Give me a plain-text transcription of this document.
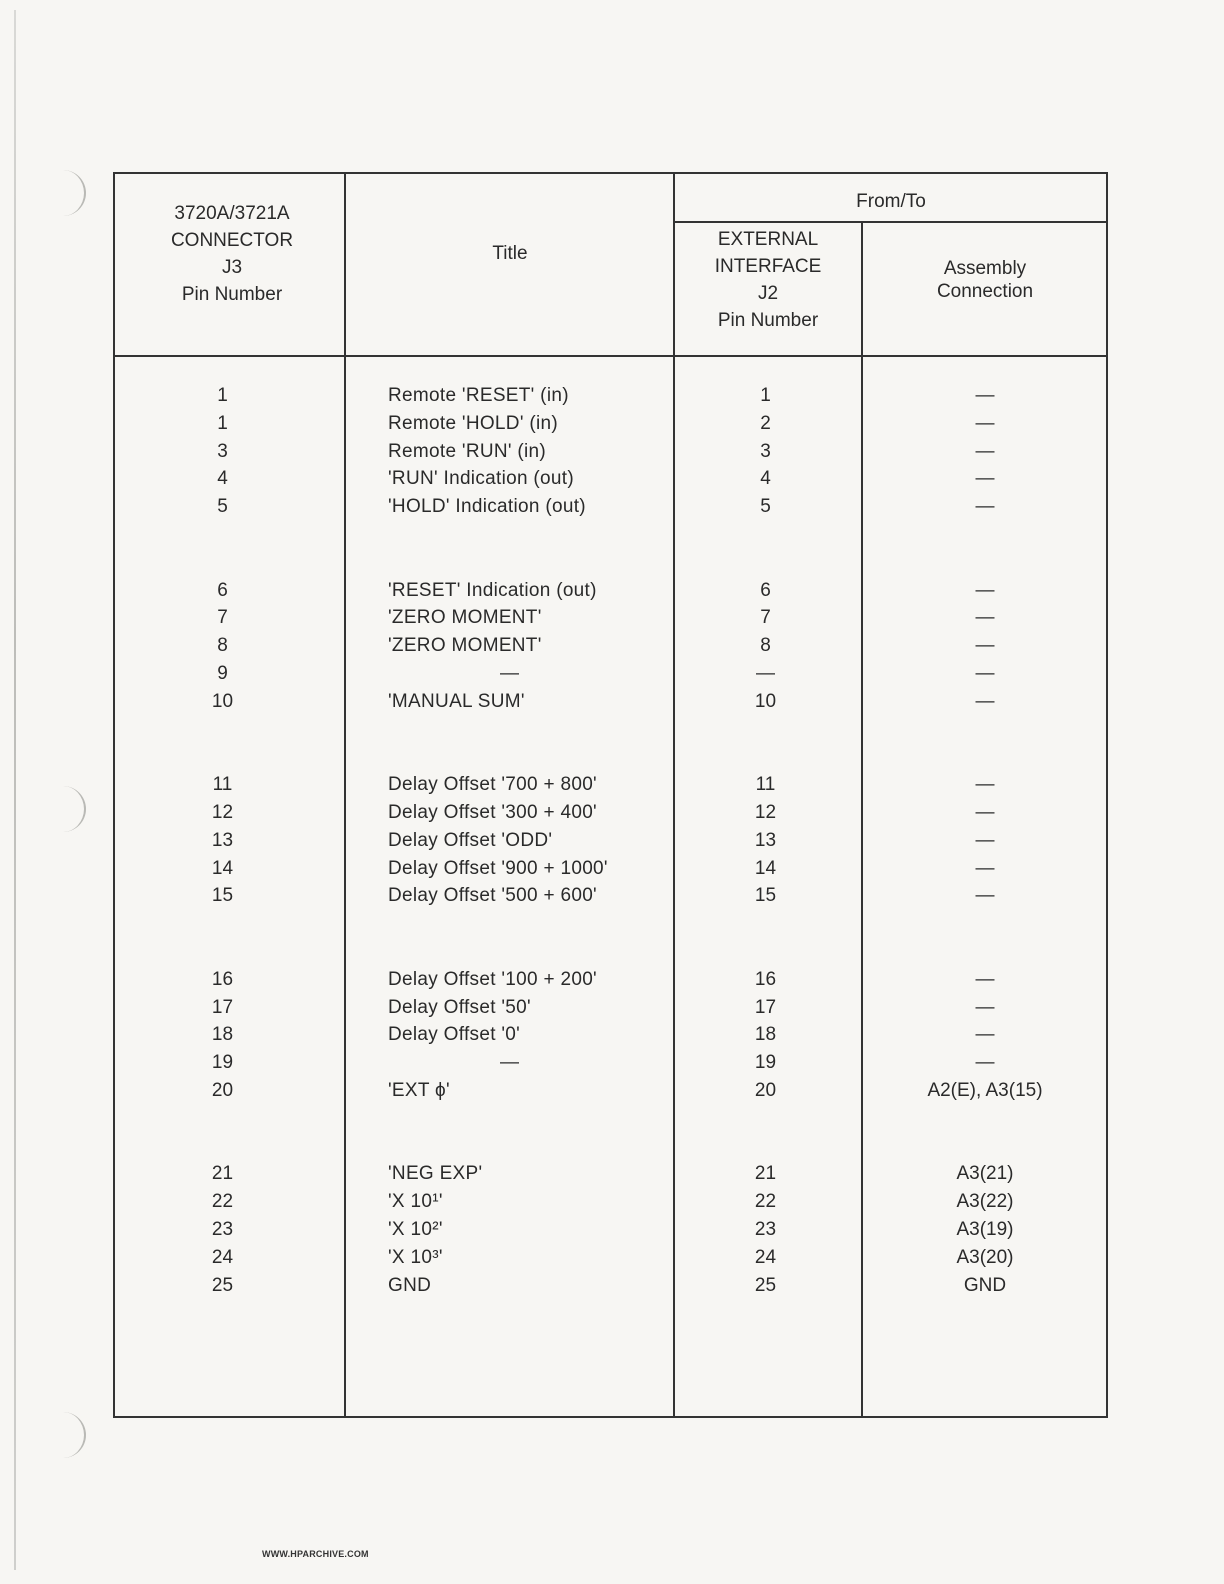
3720A/3721A
CONNECTOR
J3
Pin Number
Title
From/To
EXTERNAL
INTERFACE
J2
Pin Number
Assembly
Connection
1
1
3
4
5
6
7
8
9
10
11
12
13
14
15
16
17
18
19
20
21
22
23
24
25
Remote 'RESET' (in)
Remote 'HOLD' (in)
Remote 'RUN' (in)
'RUN' Indication (out)
'HOLD' Indication (out)
'RESET' Indication (out)
'ZERO MOMENT'
'ZERO MOMENT'
—
'MANUAL SUM'
Delay Offset '700 + 800'
Delay Offset '300 + 400'
Delay Offset 'ODD'
Delay Offset '900 + 1000'
Delay Offset '500 + 600'
Delay Offset '100 + 200'
Delay Offset '50'
Delay Offset '0'
—
'EXT ϕ'
'NEG EXP'
'X 10¹'
'X 10²'
'X 10³'
GND
1
2
3
4
5
6
7
8
—
10
11
12
13
14
15
16
17
18
19
20
21
22
23
24
25
—
—
—
—
—
—
—
—
—
—
—
—
—
—
—
—
—
—
—
A2(E), A3(15)
A3(21)
A3(22)
A3(19)
A3(20)
GND
WWW.HPARCHIVE.COM
